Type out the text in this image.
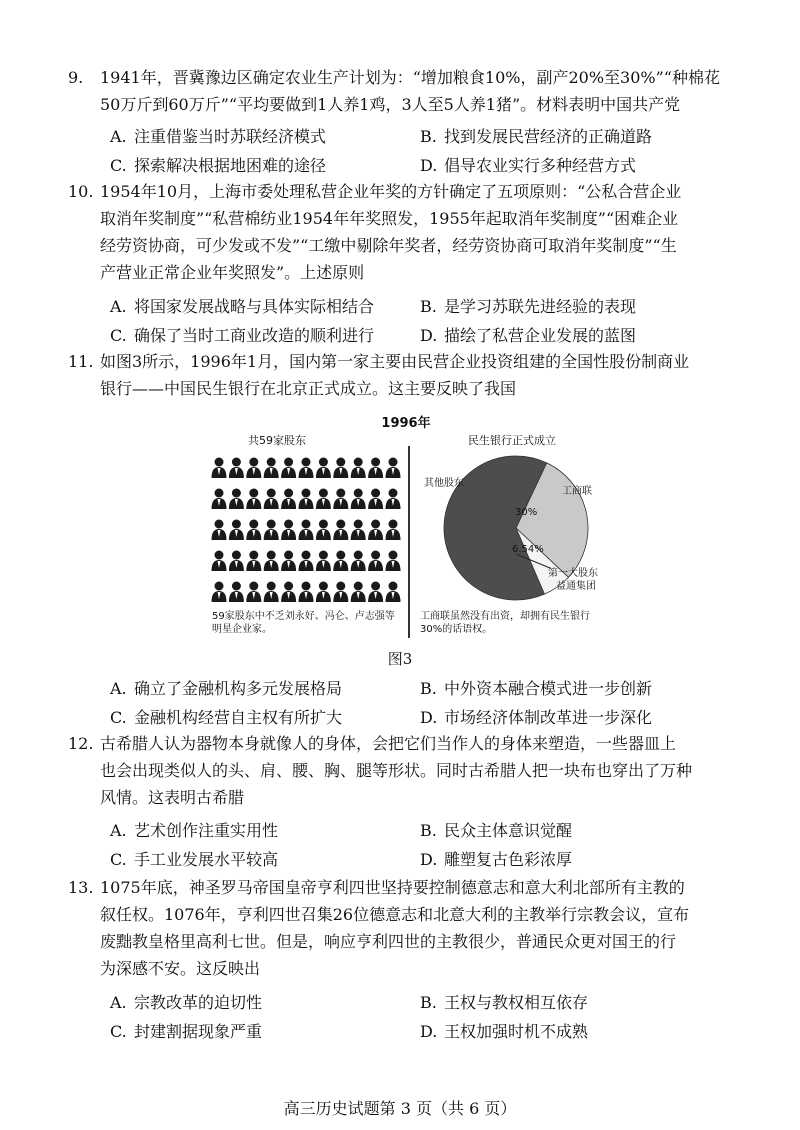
9. 1941年，晋冀豫边区确定农业生产计划为：“增加粮食10%，副产20%至30%”“种棉花
50万斤到60万斤”“平均要做到1人养1鸡，3人至5人养1猪”。材料表明中国共产党
A. 注重借鉴当时苏联经济模式	B. 找到发展民营经济的正确道路
C. 探索解决根据地困难的途径	D. 倡导农业实行多种经营方式
10. 1954年10月，上海市委处理私营企业年奖的方针确定了五项原则：“公私合营企业
取消年奖制度”“私营棉纺业1954年年奖照发，1955年起取消年奖制度”“困难企业
经劳资协商，可少发或不发”“工缴中剔除年奖者，经劳资协商可取消年奖制度”“生
产营业正常企业年奖照发”。上述原则
A. 将国家发展战略与具体实际相结合	B. 是学习苏联先进经验的表现
C. 确保了当时工商业改造的顺利进行	D. 描绘了私营企业发展的蓝图
11. 如图3所示，1996年1月，国内第一家主要由民营企业投资组建的全国性股份制商业
银行——中国民生银行在北京正式成立。这主要反映了我国
1996年
共59家股东	民生银行正式成立
59家股东中不乏刘永好、冯仑、卢志强等明星企业家。
其他股东
工商联
30%
6.54%
第一大股东
益通集团
工商联虽然没有出资，却拥有民生银行30%的话语权。
图3
A. 确立了金融机构多元发展格局	B. 中外资本融合模式进一步创新
C. 金融机构经营自主权有所扩大	D. 市场经济体制改革进一步深化
12. 古希腊人认为器物本身就像人的身体，会把它们当作人的身体来塑造，一些器皿上
也会出现类似人的头、肩、腰、胸、腿等形状。同时古希腊人把一块布也穿出了万种
风情。这表明古希腊
A. 艺术创作注重实用性	B. 民众主体意识觉醒
C. 手工业发展水平较高	D. 雕塑复古色彩浓厚
13. 1075年底，神圣罗马帝国皇帝亨利四世坚持要控制德意志和意大利北部所有主教的
叙任权。1076年，亨利四世召集26位德意志和北意大利的主教举行宗教会议，宣布
废黜教皇格里高利七世。但是，响应亨利四世的主教很少，普通民众更对国王的行
为深感不安。这反映出
A. 宗教改革的迫切性	B. 王权与教权相互依存
C. 封建割据现象严重	D. 王权加强时机不成熟
高三历史试题第 3 页（共 6 页）
